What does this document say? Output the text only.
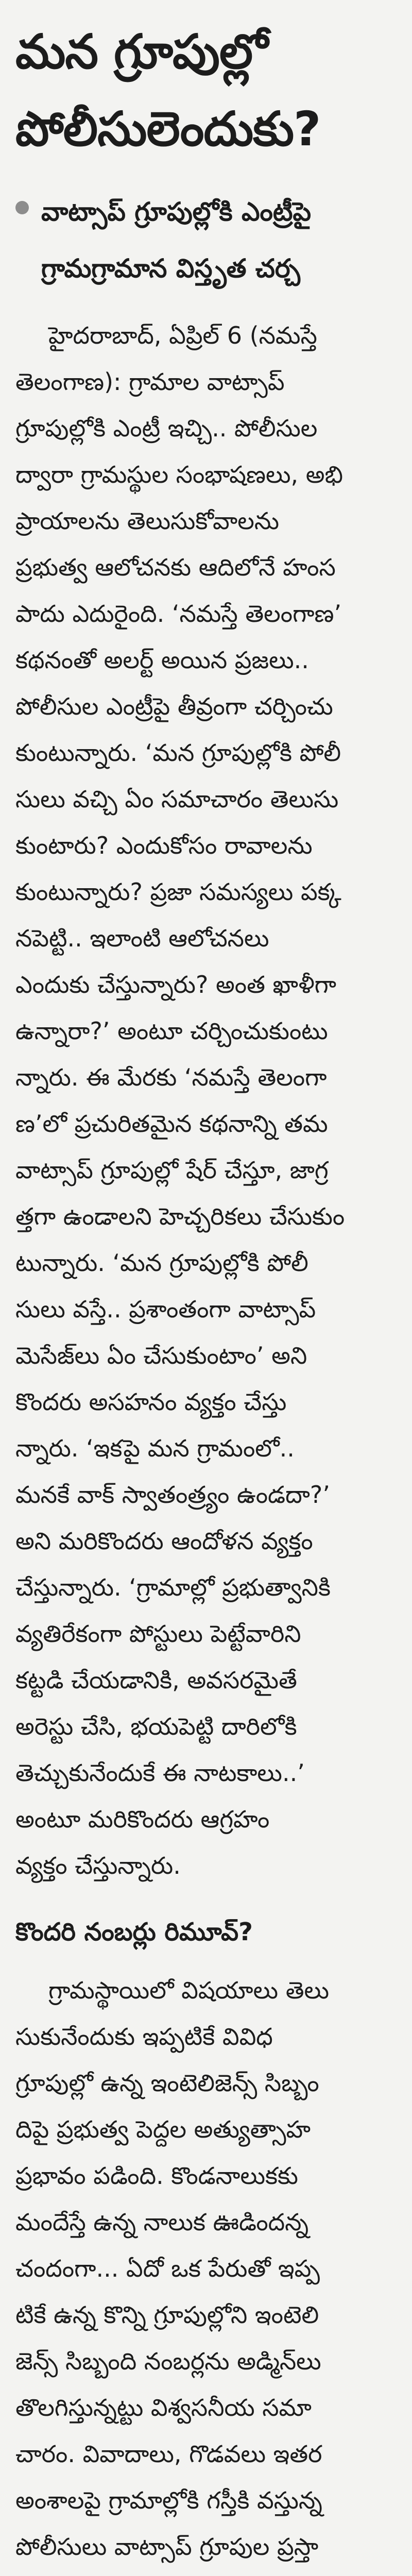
మన గ్రూపుల్లో
పోలీసులెందుకు?
వాట్సాప్ గ్రూపుల్లోకి ఎంట్రీపై
గ్రామగ్రామాన విస్తృత చర్చ
హైదరాబాద్, ఏప్రిల్ 6 (నమస్తే
తెలంగాణ): గ్రామాల వాట్సాప్
గ్రూపుల్లోకి ఎంట్రీ ఇచ్చి.. పోలీసుల
ద్వారా గ్రామస్థుల సంభాషణలు, అభి
ప్రాయాలను తెలుసుకోవాలను
ప్రభుత్వ ఆలోచనకు ఆదిలోనే హంస
పాదు ఎదురైంది. ‘నమస్తే తెలంగాణ’
కథనంతో అలర్ట్ అయిన ప్రజలు..
పోలీసుల ఎంట్రీపై తీవ్రంగా చర్చించు
కుంటున్నారు. ‘మన గ్రూపుల్లోకి పోలీ
సులు వచ్చి ఏం సమాచారం తెలుసు
కుంటారు? ఎందుకోసం రావాలను
కుంటున్నారు? ప్రజా సమస్యలు పక్క
నపెట్టి.. ఇలాంటి ఆలోచనలు
ఎందుకు చేస్తున్నారు? అంత ఖాళీగా
ఉన్నారా?’ అంటూ చర్చించుకుంటు
న్నారు. ఈ మేరకు ‘నమస్తే తెలంగా
ణ’లో ప్రచురితమైన కథనాన్ని తమ
వాట్సాప్ గ్రూపుల్లో షేర్ చేస్తూ, జాగ్ర
త్తగా ఉండాలని హెచ్చరికలు చేసుకుం
టున్నారు. ‘మన గ్రూపుల్లోకి పోలీ
సులు వస్తే.. ప్రశాంతంగా వాట్సాప్
మెసేజ్‌లు ఏం చేసుకుంటాం’ అని
కొందరు అసహనం వ్యక్తం చేస్తు
న్నారు. ‘ఇకపై మన గ్రామంలో..
మనకే వాక్ స్వాతంత్ర్యం ఉండదా?’
అని మరికొందరు ఆందోళన వ్యక్తం
చేస్తున్నారు. ‘గ్రామాల్లో ప్రభుత్వానికి
వ్యతిరేకంగా పోస్టులు పెట్టేవారిని
కట్టడి చేయడానికి, అవసరమైతే
అరెస్టు చేసి, భయపెట్టి దారిలోకి
తెచ్చుకునేందుకే ఈ నాటకాలు..’
అంటూ మరికొందరు ఆగ్రహం
వ్యక్తం చేస్తున్నారు.
కొందరి నంబర్లు రిమూవ్?
గ్రామస్థాయిలో విషయాలు తెలు
సుకునేందుకు ఇప్పటికే వివిధ
గ్రూపుల్లో ఉన్న ఇంటెలిజెన్స్ సిబ్బం
దిపై ప్రభుత్వ పెద్దల అత్యుత్సాహ
ప్రభావం పడింది. కొండనాలుకకు
మందేస్తే ఉన్న నాలుక ఊడిందన్న
చందంగా... ఏదో ఒక పేరుతో ఇప్ప
టికే ఉన్న కొన్ని గ్రూపుల్లోని ఇంటెలి
జెన్స్ సిబ్బంది నంబర్లను అడ్మిన్‌లు
తొలగిస్తున్నట్టు విశ్వసనీయ సమా
చారం. వివాదాలు, గొడవలు ఇతర
అంశాలపై గ్రామాల్లోకి గస్తీకి వస్తున్న
పోలీసులు వాట్సాప్ గ్రూపుల ప్రస్తా
